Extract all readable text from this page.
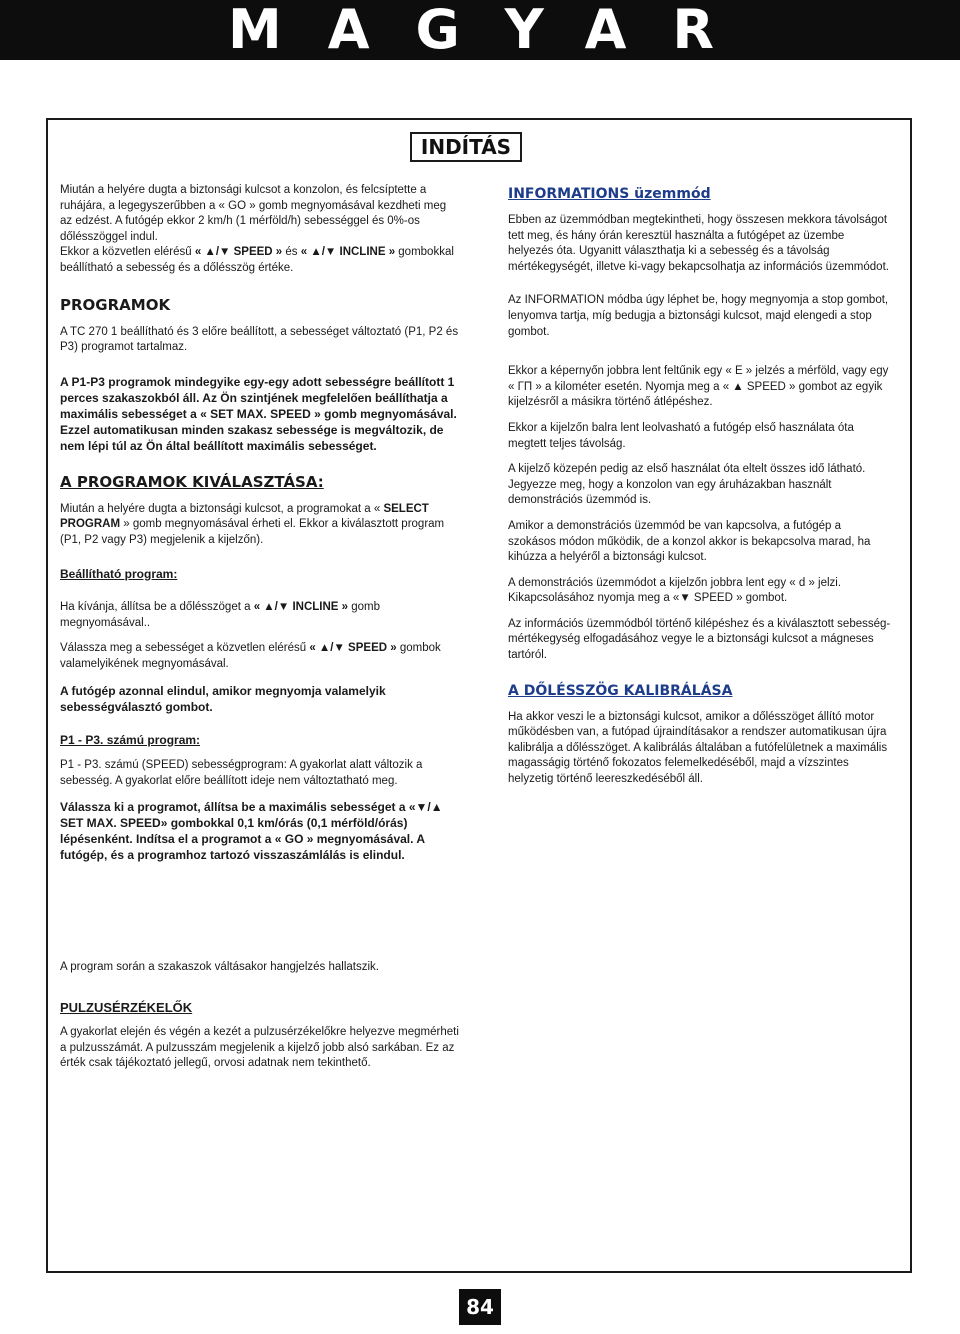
MAGYAR
INDÍTÁS

Miután a helyére dugta a biztonsági kulcsot a konzolon, és felcsíptette a ruhájára, a legegyszerűbben a « GO » gomb megnyomásával kezdheti meg az edzést. A futógép ekkor 2 km/h (1 mérföld/h) sebességgel és 0%-os dőlésszöggel indul.

Ekkor a közvetlen elérésű « ▲/▼ SPEED » és « ▲/▼ INCLINE » gombokkal beállítható a sebesség és a dőlésszög értéke.

PROGRAMOK

A TC 270 1 beállítható és 3 előre beállított, a sebességet változtató (P1, P2 és P3) programot tartalmaz.

A P1-P3 programok mindegyike egy-egy adott sebességre beállított 1 perces szakaszokból áll. Az Ön szintjének megfelelően beállíthatja a maximális sebességet a « SET MAX. SPEED » gomb megnyomásával. Ezzel automatikusan minden szakasz sebessége is megváltozik, de nem lépi túl az Ön által beállított maximális sebességet.

A PROGRAMOK KIVÁLASZTÁSA:

Miután a helyére dugta a biztonsági kulcsot, a programokat a « SELECT PROGRAM » gomb megnyomásával érheti el. Ekkor a kiválasztott program (P1, P2 vagy P3) megjelenik a kijelzőn).

Beállítható program:

Ha kívánja, állítsa be a dőlésszöget a « ▲/▼ INCLINE » gomb megnyomásával..

Válassza meg a sebességet a közvetlen elérésű « ▲/▼ SPEED » gombok valamelyikének megnyomásával.

A futógép azonnal elindul, amikor megnyomja valamelyik sebességválasztó gombot.

P1 - P3. számú program:

P1 - P3. számú (SPEED) sebességprogram: A gyakorlat alatt változik a sebesség. A gyakorlat előre beállított ideje nem változtatható meg.

Válassza ki a programot, állítsa be a maximális sebességet a «▼/▲ SET MAX. SPEED» gombokkal 0,1 km/órás (0,1 mérföld/órás) lépésenként. Indítsa el a programot a « GO » megnyomásával. A futógép, és a programhoz tartozó visszaszámlálás is elindul.

A program során a szakaszok váltásakor hangjelzés hallatszik.

PULZUSÉRZÉKELŐK

A gyakorlat elején és végén a kezét a pulzusérzékelőkre helyezve megmérheti a pulzusszámát. A pulzusszám megjelenik a kijelző jobb alsó sarkában. Ez az érték csak tájékoztató jellegű, orvosi adatnak nem tekinthető.

INFORMATIONS üzemmód

Ebben az üzemmódban megtekintheti, hogy összesen mekkora távolságot tett meg, és hány órán keresztül használta a futógépet az üzembe helyezés óta. Ugyanitt választhatja ki a sebesség és a távolság mértékegységét, illetve ki-vagy bekapcsolhatja az információs üzemmódot.

Az INFORMATION módba úgy léphet be, hogy megnyomja a stop gombot, lenyomva tartja, míg bedugja a biztonsági kulcsot, majd elengedi a stop gombot.

Ekkor a képernyőn jobbra lent feltűnik egy « E » jelzés a mérföld, vagy egy « ΓΠ » a kilométer esetén. Nyomja meg a « ▲ SPEED » gombot az egyik kijelzésről a másikra történő átlépéshez.

Ekkor a kijelzőn balra lent leolvasható a futógép első használata óta megtett teljes távolság.

A kijelző közepén pedig az első használat óta eltelt összes idő látható. Jegyezze meg, hogy a konzolon van egy áruházakban használt demonstrációs üzemmód is.

Amikor a demonstrációs üzemmód be van kapcsolva, a futógép a szokásos módon működik, de a konzol akkor is bekapcsolva marad, ha kihúzza a helyéről a biztonsági kulcsot.

A demonstrációs üzemmódot a kijelzőn jobbra lent egy « d » jelzi. Kikapcsolásához nyomja meg a «▼ SPEED » gombot.

Az információs üzemmódból történő kilépéshez és a kiválasztott sebesség-mértékegység elfogadásához vegye le a biztonsági kulcsot a mágneses tartóról.

A DŐLÉSSZÖG KALIBRÁLÁSA

Ha akkor veszi le a biztonsági kulcsot, amikor a dőlésszöget állító motor működésben van, a futópad újraindításakor a rendszer automatikusan újra kalibrálja a dőlésszöget. A kalibrálás általában a futófelületnek a maximális magasságig történő fokozatos felemelkedéséből, majd a vízszintes helyzetig történő leereszkedéséből áll.

84
